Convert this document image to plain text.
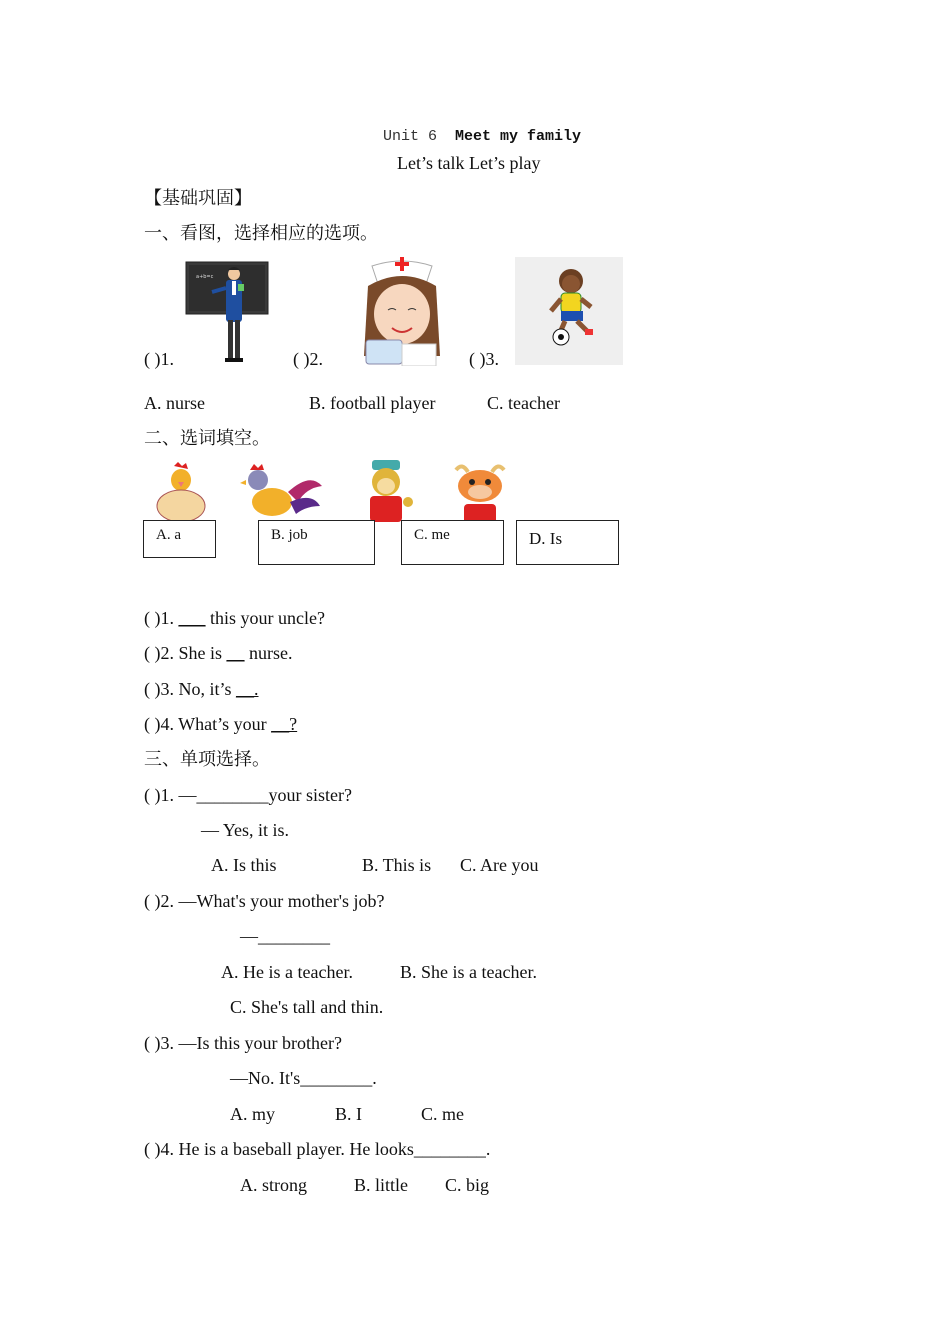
Unit 6 Meet my family
Let’s talk Let’s play
【基础巩固】
一、看图，选择相应的选项。
a+b=c
( )1.	( )2.	( )3.
A. nurse	B. football player	C. teacher
二、选词填空。
A. a	B. job	C. me	D. Is
( )1. ___ this your uncle?
( )2. She is __ nurse.
( )3. No, it’s __.
( )4. What’s your __?
三、单项选择。
( )1. —________your sister?
— Yes, it is.
A. Is this	B. This is C. Are you
( )2. —What's your mother's job?
—________
A. He is a teacher.	B. She is a teacher.
C. She's tall and thin.
( )3. —Is this your brother?
—No. It's________.
A. my	B. I	C. me
( )4. He is a baseball player. He looks________.
A. strong	B. little C. big
